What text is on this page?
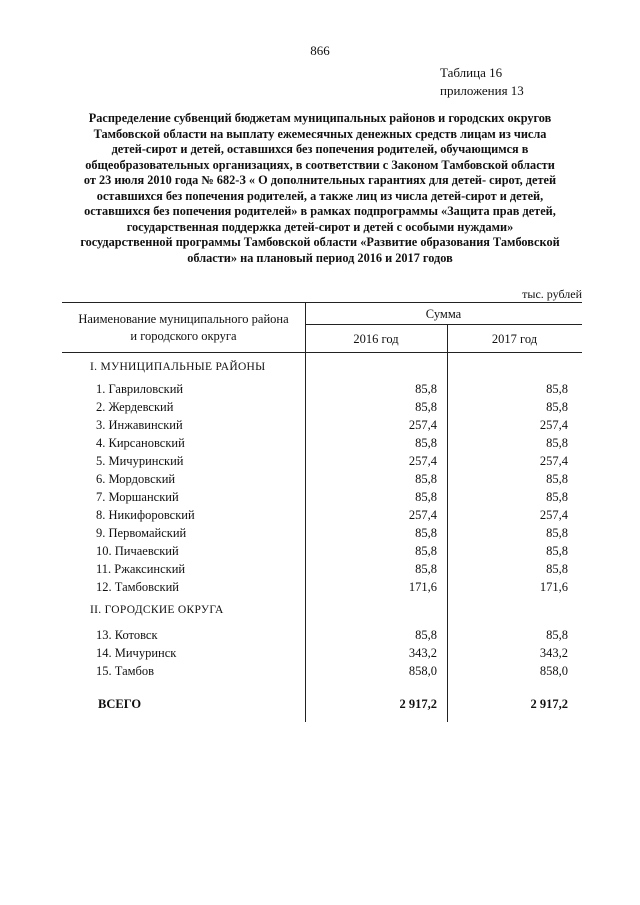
866
Таблица 16
приложения 13
Распределение субвенций бюджетам муниципальных районов и городских округов
Тамбовской области на выплату ежемесячных денежных средств лицам из числа
детей-сирот и детей, оставшихся без попечения родителей, обучающимся в
общеобразовательных организациях, в соответствии с Законом Тамбовской области
от 23 июля 2010 года № 682-З « О дополнительных гарантиях для детей- сирот, детей
оставшихся без попечения родителей, а также лиц из числа детей-сирот и детей,
оставшихся без попечения родителей» в рамках подпрограммы «Защита прав детей,
государственная поддержка детей-сирот и детей с особыми нуждами»
государственной программы Тамбовской области «Развитие образования Тамбовской
области» на плановый период 2016 и 2017 годов
тыс. рублей
Наименование муниципального района
и городского округа
Сумма
2016 год	2017 год
I. МУНИЦИПАЛЬНЫЕ РАЙОНЫ
1. Гавриловский	85,8	85,8
2. Жердевский	85,8	85,8
3. Инжавинский	257,4	257,4
4. Кирсановский	85,8	85,8
5. Мичуринский	257,4	257,4
6. Мордовский	85,8	85,8
7. Моршанский	85,8	85,8
8. Никифоровский	257,4	257,4
9. Первомайский	85,8	85,8
10. Пичаевский	85,8	85,8
11. Ржаксинский	85,8	85,8
12. Тамбовский	171,6	171,6
II. ГОРОДСКИЕ ОКРУГА
13. Котовск	85,8	85,8
14. Мичуринск	343,2	343,2
15. Тамбов	858,0	858,0
ВСЕГО	2 917,2	2 917,2
